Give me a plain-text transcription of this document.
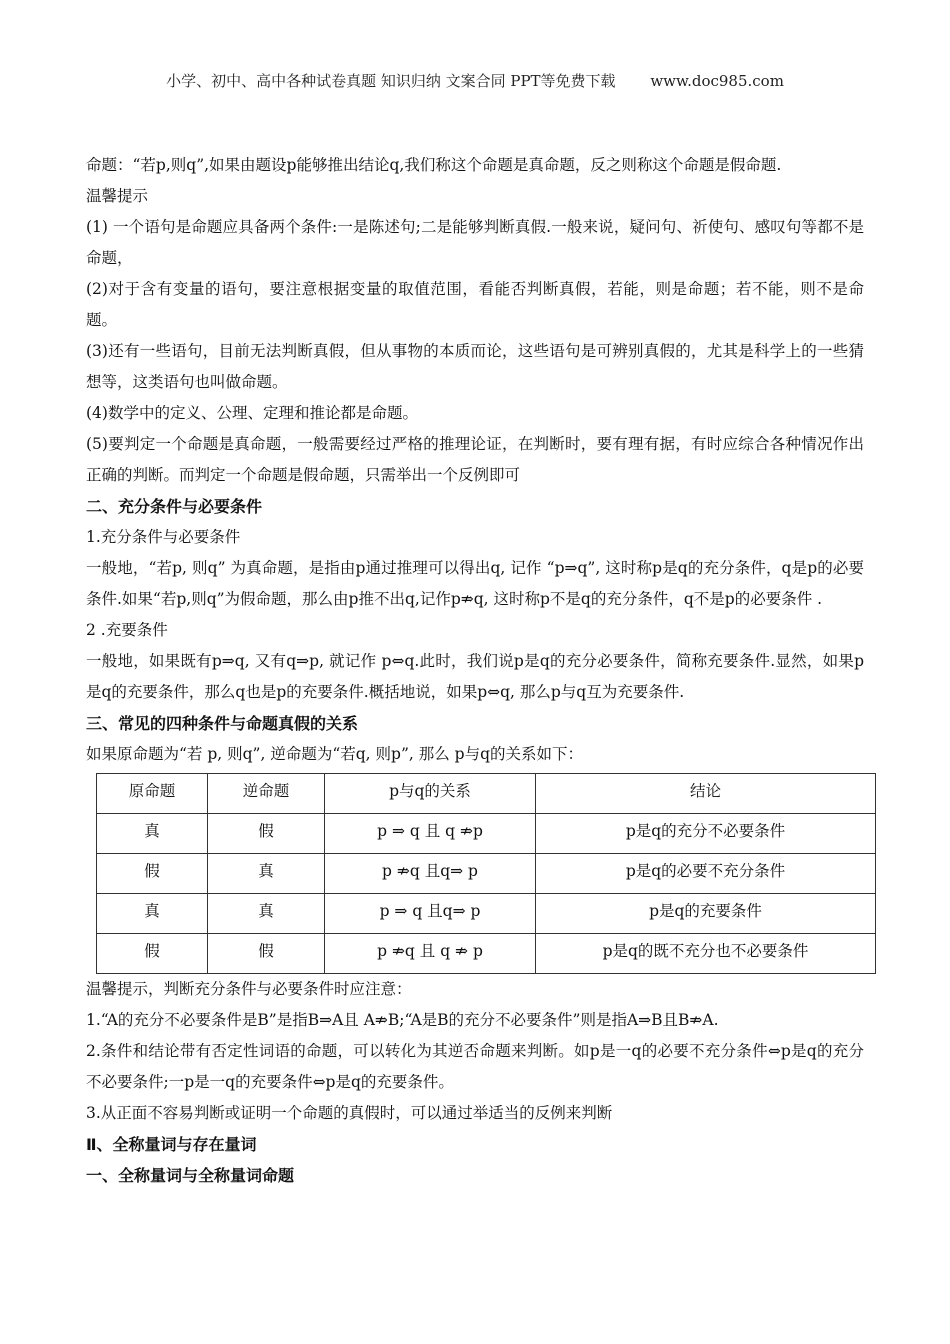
小学、初中、高中各种试卷真题 知识归纳 文案合同 PPT等免费下载 www.doc985.com

命题：“若p,则q”,如果由题设p能够推出结论q,我们称这个命题是真命题，反之则称这个命题是假命题.

温馨提示

(1) 一个语句是命题应具备两个条件:一是陈述句;二是能够判断真假.一般来说，疑问句、祈使句、感叹句等都不是命题，

(2)对于含有变量的语句，要注意根据变量的取值范围，看能否判断真假，若能，则是命题；若不能，则不是命题。

(3)还有一些语句，目前无法判断真假，但从事物的本质而论，这些语句是可辨别真假的，尤其是科学上的一些猜想等，这类语句也叫做命题。

(4)数学中的定义、公理、定理和推论都是命题。

(5)要判定一个命题是真命题，一般需要经过严格的推理论证，在判断时，要有理有据，有时应综合各种情况作出正确的判断。而判定一个命题是假命题，只需举出一个反例即可

二、充分条件与必要条件

1.充分条件与必要条件

一般地，“若p, 则q” 为真命题，是指由p通过推理可以得出q, 记作 “p⇒q”, 这时称p是q的充分条件，q是p的必要条件.如果“若p,则q”为假命题，那么由p推不出q,记作p⇏q, 这时称p不是q的充分条件，q不是p的必要条件 .

2 .充要条件

一般地，如果既有p⇒q, 又有q⇒p, 就记作 p⇔q.此时，我们说p是q的充分必要条件，简称充要条件.显然，如果p是q的充要条件，那么q也是p的充要条件.概括地说，如果p⇔q, 那么p与q互为充要条件.

三、常见的四种条件与命题真假的关系

如果原命题为“若 p, 则q”, 逆命题为“若q, 则p”, 那么 p与q的关系如下：

原命题	逆命题	p与q的关系	结论
真	假	p ⇒ q 且 q ⇏p	p是q的充分不必要条件
假	真	p ⇏q 且q⇒ p	p是q的必要不充分条件
真	真	p ⇒ q 且q⇒ p	p是q的充要条件
假	假	p ⇏q 且 q ⇏ p	p是q的既不充分也不必要条件

温馨提示，判断充分条件与必要条件时应注意：

1.“A的充分不必要条件是B”是指B⇒A且 A⇏B;“A是B的充分不必要条件”则是指A⇒B且B⇏A.

2.条件和结论带有否定性词语的命题，可以转化为其逆否命题来判断。如p是一q的必要不充分条件⇔p是q的充分不必要条件;一p是一q的充要条件⇔p是q的充要条件。

3.从正面不容易判断或证明一个命题的真假时，可以通过举适当的反例来判断

Ⅱ、全称量词与存在量词

一、全称量词与全称量词命题
